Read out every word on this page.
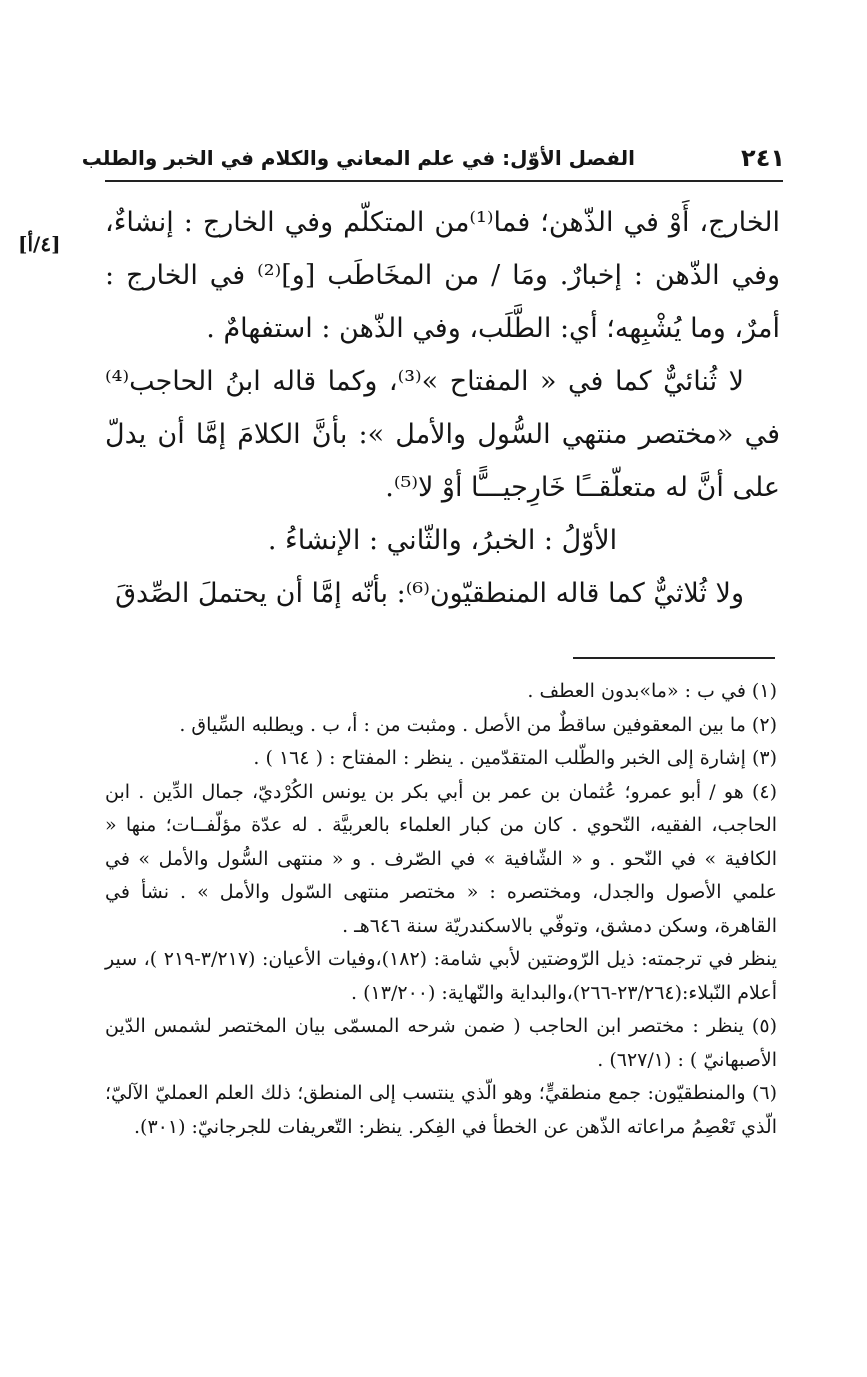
٢٤١
الفصل الأوّل: في علم المعاني والكلام في الخبر والطلب
[٤/أ]

الخارج، أَوْ في الذّهن؛ فما⁽¹⁾من المتكلّم وفي الخارج : إنشاءٌ، وفي الذّهن : إخبارٌ. ومَا / من المخَاطَب [و]⁽²⁾ في الخارج : أمرٌ، وما يُشْبِهه؛ أي: الطَّلَب، وفي الذّهن : استفهامٌ .

لا ثُنائيٌّ كما في « المفتاح »⁽³⁾، وكما قاله ابنُ الحاجب⁽⁴⁾في «مختصر منتهي السُّول والأمل »: بأنَّ الكلامَ إمَّا أن يدلّ على أنَّ له متعلّقــًا خَارِجيـــًّا أوْ لا⁽⁵⁾.

الأوّلُ : الخبرُ، والثّاني : الإنشاءُ .

ولا ثُلاثيٌّ كما قاله المنطقيّون⁽⁶⁾: بأنّه إمَّا أن يحتملَ الصِّدقَ

(١) في ب : «ما»بدون العطف .

(٢) ما بين المعقوفين ساقطٌ من الأصل . ومثبت من : أ، ب . ويطلبه السِّياق .

(٣) إشارة إلى الخبر والطّلب المتقدّمين . ينظر : المفتاح : ( ١٦٤ ) .

(٤) هو / أبو عمرو؛ عُثمان بن عمر بن أبي بكر بن يونس الكُرْديّ، جمال الدِّين . ابن الحاجب، الفقيه، النّحوي . كان من كبار العلماء بالعربيَّة . له عدّة مؤلّفــات؛ منها « الكافية » في النّحو . و « الشّافية » في الصّرف . و « منتهى السُّول والأمل » في علمي الأصول والجدل، ومختصره : « مختصر منتهى السّول والأمل » . نشأ في القاهرة، وسكن دمشق، وتوفّي بالاسكندريّة سنة ٦٤٦هـ .

ينظر في ترجمته: ذيل الرّوضتين لأبي شامة: (١٨٢)،وفيات الأعيان: (٣/٢١٧-٢١٩ )، سير أعلام النّبلاء:(٢٣/٢٦٤-٢٦٦)،والبداية والنّهاية: (١٣/٢٠٠) .

(٥) ينظر : مختصر ابن الحاجب ( ضمن شرحه المسمّى بيان المختصر لشمس الدّين الأصبهانيّ ) : (٦٢٧/١) .

(٦) والمنطقيّون: جمع منطقيٍّ؛ وهو الّذي ينتسب إلى المنطق؛ ذلك العلم العمليّ الآليّ؛ الّذي تَعْصِمُ مراعاته الذّهن عن الخطأ في الفِكر. ينظر: التّعريفات للجرجانيّ: (٣٠١).
